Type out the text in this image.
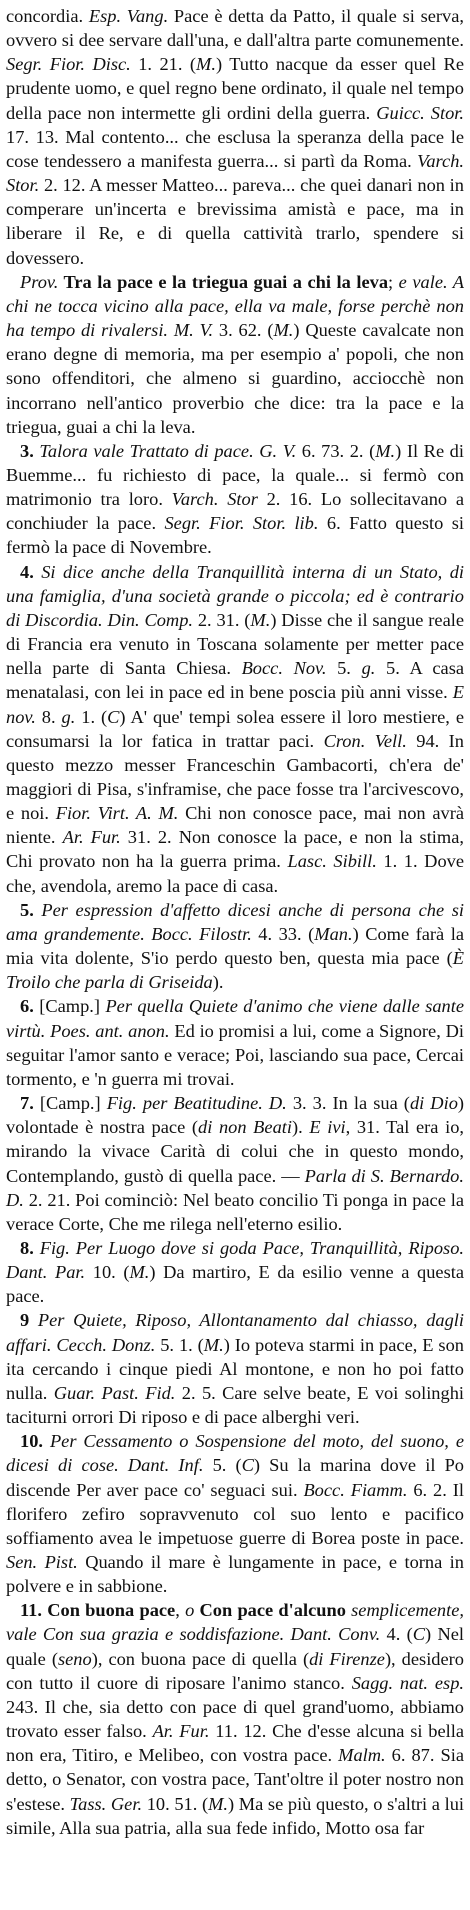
concordia. Esp. Vang. Pace è detta da Patto, il quale si serva, ovvero si dee servare dall'una, e dall'altra parte comunemente. Segr. Fior. Disc. 1. 21. (M.) Tutto nacque da esser quel Re prudente uomo, e quel regno bene ordinato, il quale nel tempo della pace non intermette gli ordini della guerra. Guicc. Stor. 17. 13. Mal contento... che esclusa la speranza della pace le cose tendessero a manifesta guerra... si partì da Roma. Varch. Stor. 2. 12. A messer Matteo... pareva... che quei danari non in comperare un'incerta e brevissima amistà e pace, ma in liberare il Re, e di quella cattività trarlo, spendere si dovessero.

Prov. Tra la pace e la triegua guai a chi la leva; e vale. A chi ne tocca vicino alla pace, ella va male, forse perchè non ha tempo di rivalersi. M. V. 3. 62. (M.) Queste cavalcate non erano degne di memoria, ma per esempio a' popoli, che non sono offenditori, che almeno si guardino, acciocchè non incorrano nell'antico proverbio che dice: tra la pace e la triegua, guai a chi la leva.

3. Talora vale Trattato di pace. G. V. 6. 73. 2. (M.) Il Re di Buemme... fu richiesto di pace, la quale... si fermò con matrimonio tra loro. Varch. Stor 2. 16. Lo sollecitavano a conchiuder la pace. Segr. Fior. Stor. lib. 6. Fatto questo si fermò la pace di Novembre.

4. Si dice anche della Tranquillità interna di un Stato, di una famiglia, d'una società grande o piccola; ed è contrario di Discordia. Din. Comp. 2. 31. (M.) Disse che il sangue reale di Francia era venuto in Toscana solamente per metter pace nella parte di Santa Chiesa. Bocc. Nov. 5. g. 5. A casa menatalasi, con lei in pace ed in bene poscia più anni visse. E nov. 8. g. 1. (C) A' que' tempi solea essere il loro mestiere, e consumarsi la lor fatica in trattar paci. Cron. Vell. 94. In questo mezzo messer Franceschin Gambacorti, ch'era de' maggiori di Pisa, s'inframise, che pace fosse tra l'arcivescovo, e noi. Fior. Virt. A. M. Chi non conosce pace, mai non avrà niente. Ar. Fur. 31. 2. Non conosce la pace, e non la stima, Chi provato non ha la guerra prima. Lasc. Sibill. 1. 1. Dove che, avendola, aremo la pace di casa.

5. Per espression d'affetto dicesi anche di persona che si ama grandemente. Bocc. Filostr. 4. 33. (Man.) Come farà la mia vita dolente, S'io perdo questo ben, questa mia pace (È Troilo che parla di Griseida).

6. [Camp.] Per quella Quiete d'animo che viene dalle sante virtù. Poes. ant. anon. Ed io promisi a lui, come a Signore, Di seguitar l'amor santo e verace; Poi, lasciando sua pace, Cercai tormento, e 'n guerra mi trovai.

7. [Camp.] Fig. per Beatitudine. D. 3. 3. In la sua (di Dio) volontade è nostra pace (di non Beati). E ivi, 31. Tal era io, mirando la vivace Carità di colui che in questo mondo, Contemplando, gustò di quella pace. — Parla di S. Bernardo. D. 2. 21. Poi cominciò: Nel beato concilio Ti ponga in pace la verace Corte, Che me rilega nell'eterno esilio.

8. Fig. Per Luogo dove si goda Pace, Tranquillità, Riposo. Dant. Par. 10. (M.) Da martiro, E da esilio venne a questa pace.

9 Per Quiete, Riposo, Allontanamento dal chiasso, dagli affari. Cecch. Donz. 5. 1. (M.) Io poteva starmi in pace, E son ita cercando i cinque piedi Al montone, e non ho poi fatto nulla. Guar. Past. Fid. 2. 5. Care selve beate, E voi solinghi taciturni orrori Di riposo e di pace alberghi veri.

10. Per Cessamento o Sospensione del moto, del suono, e dicesi di cose. Dant. Inf. 5. (C) Su la marina dove il Po discende Per aver pace co' seguaci sui. Bocc. Fiamm. 6. 2. Il florifero zefiro sopravvenuto col suo lento e pacifico soffiamento avea le impetuose guerre di Borea poste in pace. Sen. Pist. Quando il mare è lungamente in pace, e torna in polvere e in sabbione.

11. Con buona pace, o Con pace d'alcuno semplicemente, vale Con sua grazia e soddisfazione. Dant. Conv. 4. (C) Nel quale (seno), con buona pace di quella (di Firenze), desidero con tutto il cuore di riposare l'animo stanco. Sagg. nat. esp. 243. Il che, sia detto con pace di quel grand'uomo, abbiamo trovato esser falso. Ar. Fur. 11. 12. Che d'esse alcuna si bella non era, Titiro, e Melibeo, con vostra pace. Malm. 6. 87. Sia detto, o Senator, con vostra pace, Tant'oltre il poter nostro non s'estese. Tass. Ger. 10. 51. (M.) Ma se più questo, o s'altri a lui simile, Alla sua patria, alla sua fede infido, Motto osa far
